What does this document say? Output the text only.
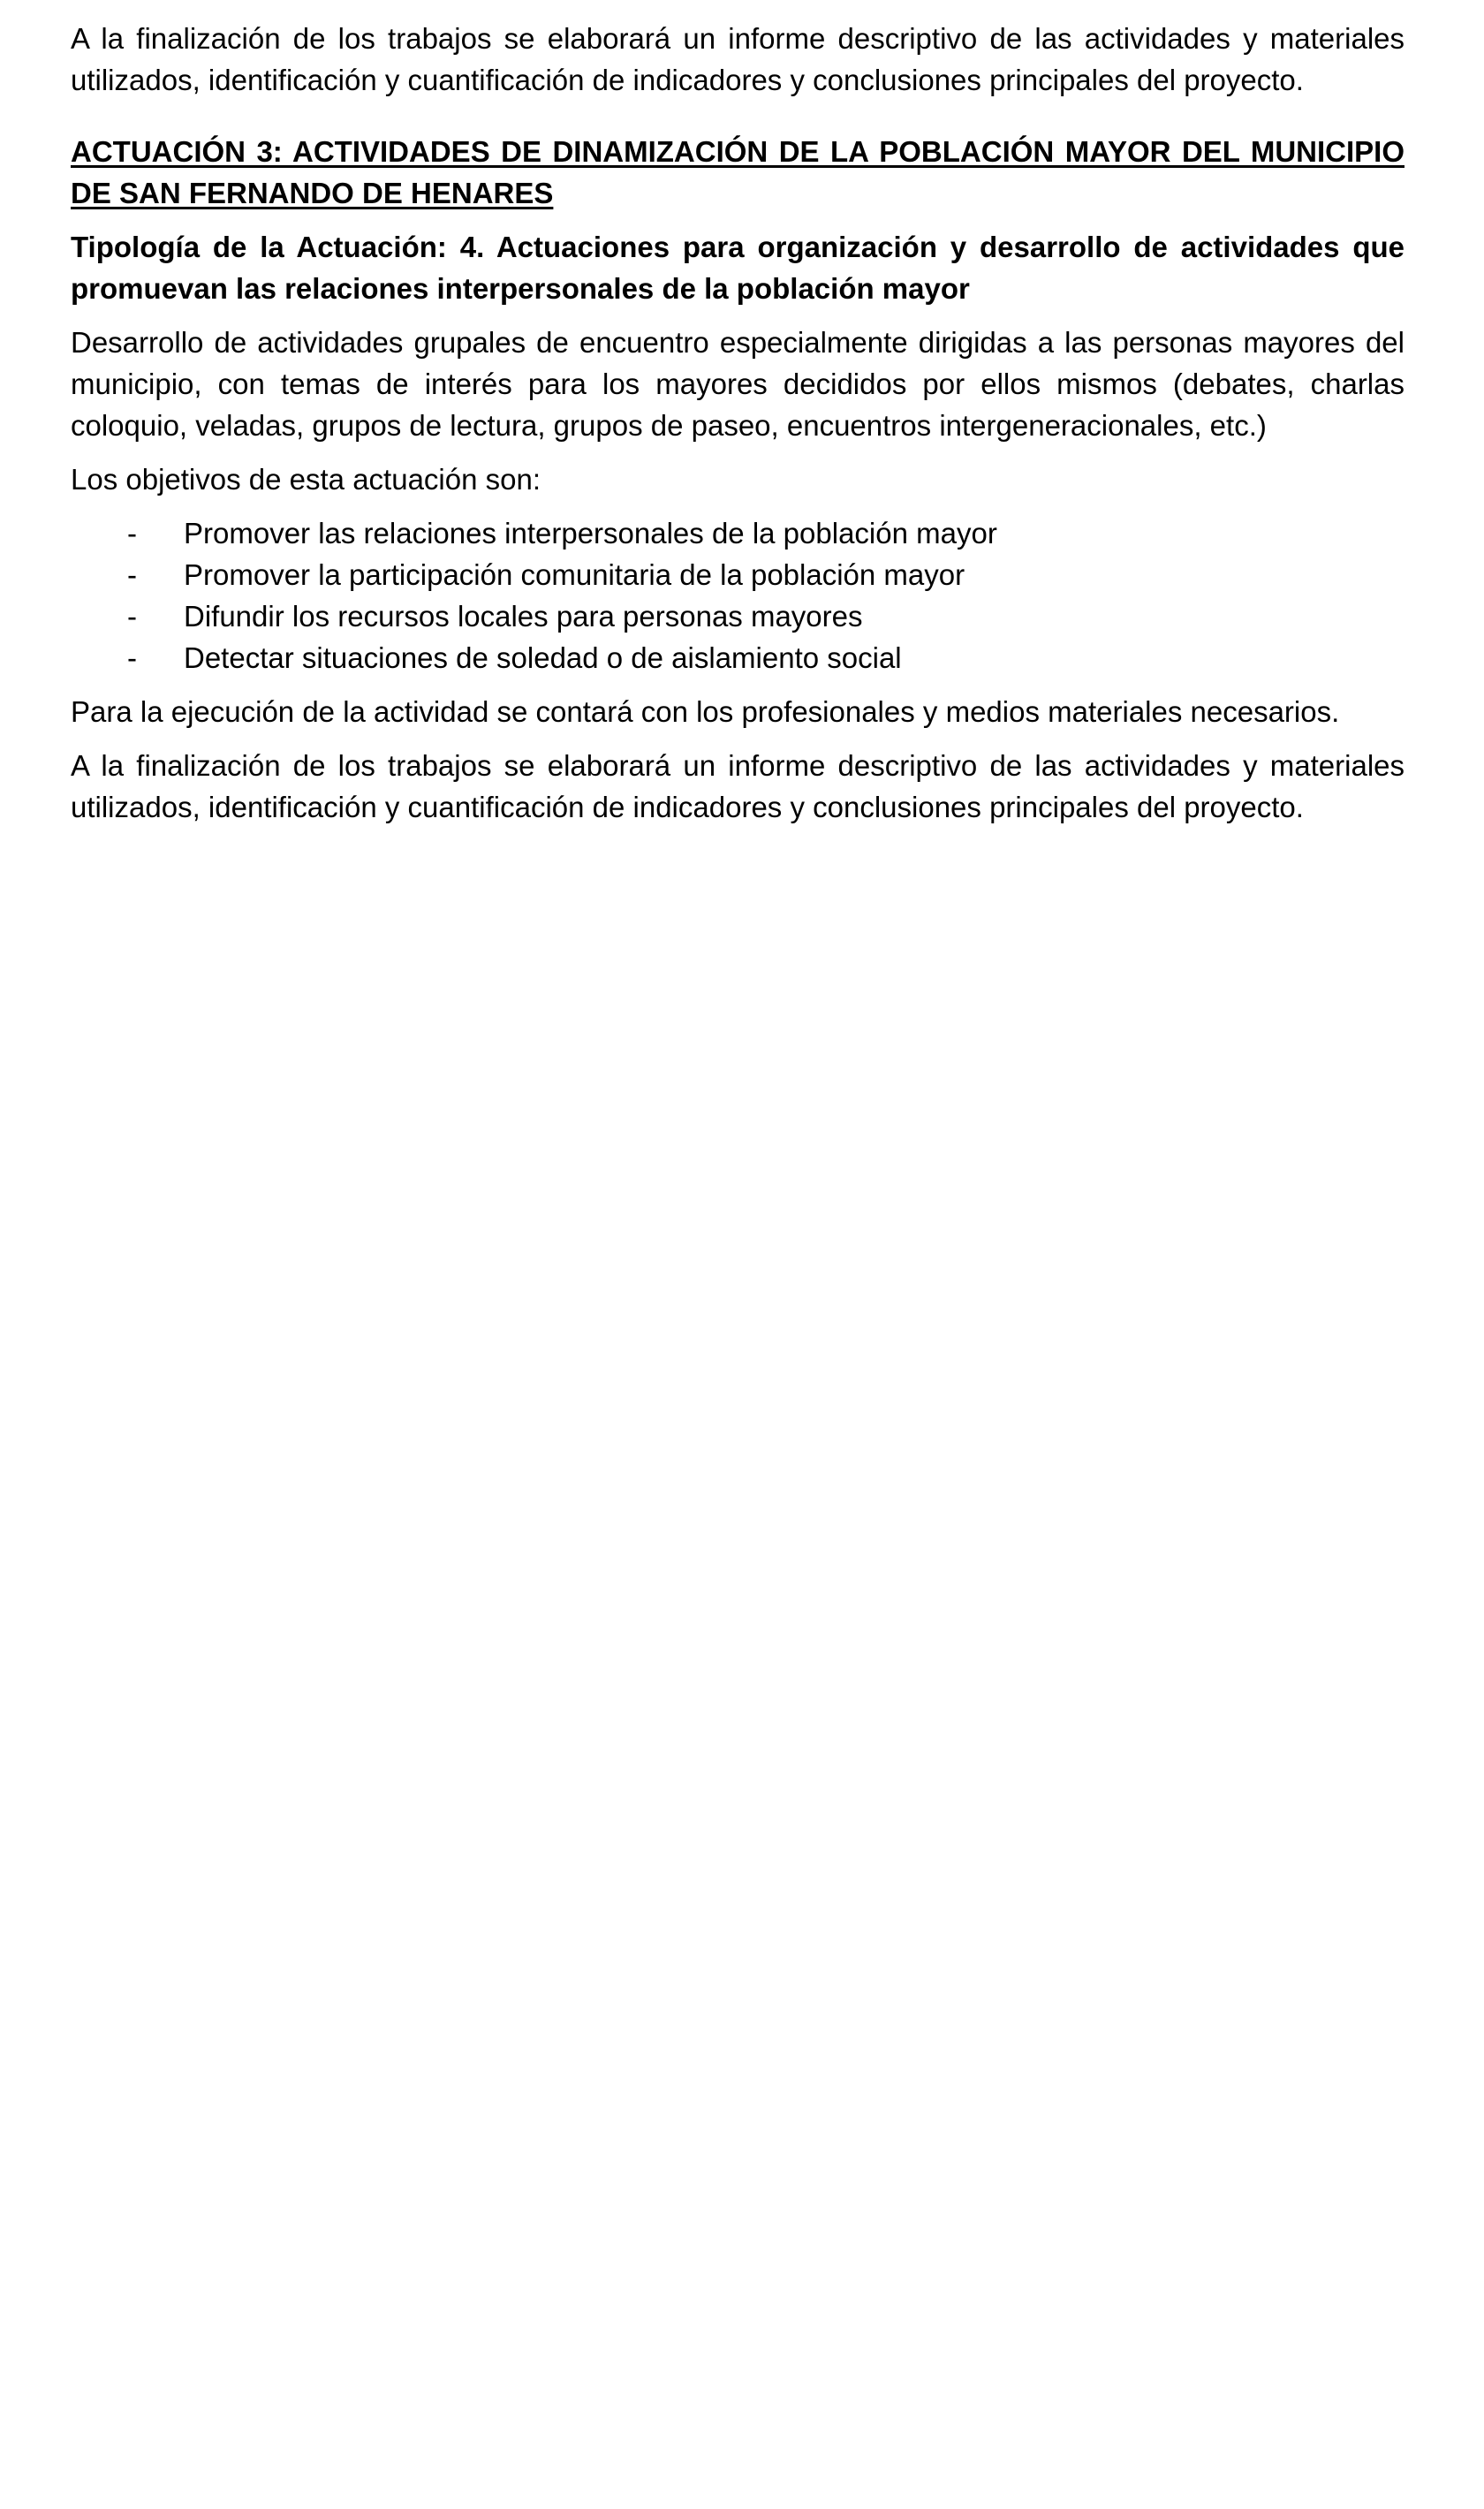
A la finalización de los trabajos se elaborará un informe descriptivo de las actividades y materiales utilizados, identificación y cuantificación de indicadores y conclusiones principales del proyecto.

ACTUACIÓN 3: ACTIVIDADES DE DINAMIZACIÓN DE LA POBLACIÓN MAYOR DEL MUNICIPIO DE SAN FERNANDO DE HENARES

Tipología de la Actuación: 4. Actuaciones para organización y desarrollo de actividades que promuevan las relaciones interpersonales de la población mayor

Desarrollo de actividades grupales de encuentro especialmente dirigidas a las personas mayores del municipio, con temas de interés para los mayores decididos por ellos mismos (debates, charlas coloquio, veladas, grupos de lectura, grupos de paseo, encuentros intergeneracionales, etc.)

Los objetivos de esta actuación son:

- Promover las relaciones interpersonales de la población mayor
- Promover la participación comunitaria de la población mayor
- Difundir los recursos locales para personas mayores
- Detectar situaciones de soledad o de aislamiento social

Para la ejecución de la actividad se contará con los profesionales y medios materiales necesarios.

A la finalización de los trabajos se elaborará un informe descriptivo de las actividades y materiales utilizados, identificación y cuantificación de indicadores y conclusiones principales del proyecto.
